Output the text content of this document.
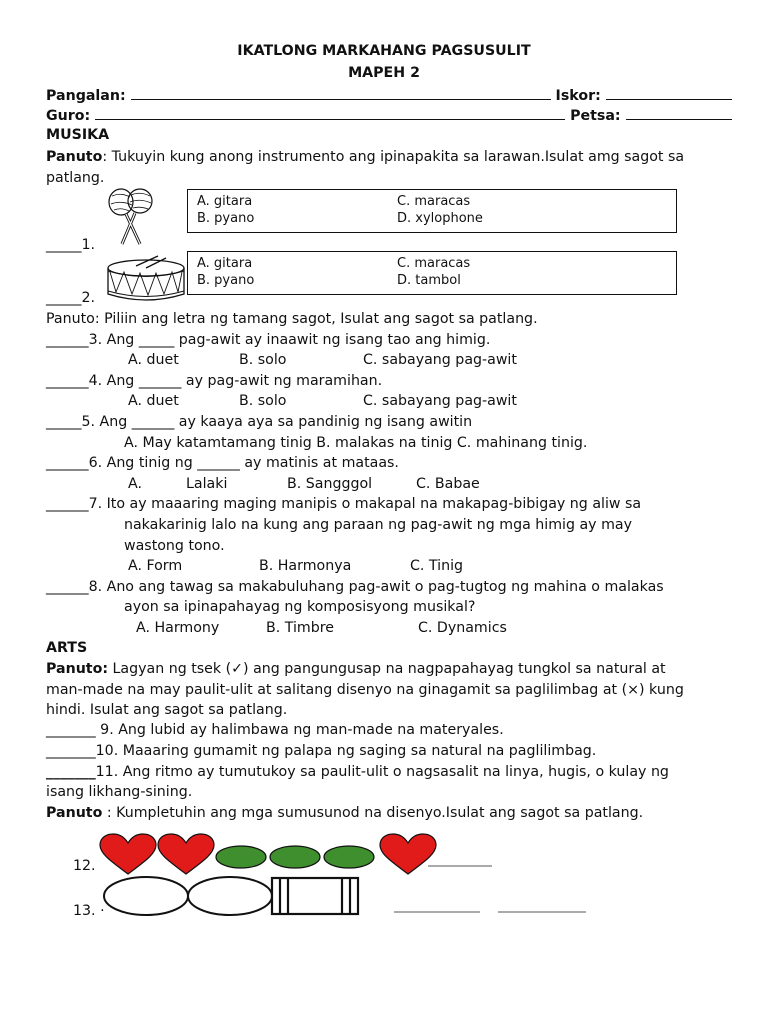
IKATLONG MARKAHANG PAGSUSULIT
MAPEH 2
Pangalan:	Iskor:
Guro:	Petsa:
MUSIKA
Panuto: Tukuyin kung anong instrumento ang ipinapakita sa larawan.Isulat amg sagot sa
patlang.
A. gitara	C. maracas
B. pyano	D. xylophone
_____1.
A. gitara	C. maracas
B. pyano	D. tambol
_____2.
Panuto: Piliin ang letra ng tamang sagot, Isulat ang sagot sa patlang.
______3. Ang _____ pag-awit ay inaawit ng isang tao ang himig.
A. duet	B. solo	C. sabayang pag-awit
______4. Ang ______ ay pag-awit ng maramihan.
A. duet	B. solo	C. sabayang pag-awit
_____5. Ang ______ ay kaaya aya sa pandinig ng isang awitin
A. May katamtamang tinig B. malakas na tinig C. mahinang tinig.
______6. Ang tinig ng ______ ay matinis at mataas.
A.	Lalaki	B. Sangggol	C. Babae
______7. Ito ay maaaring maging manipis o makapal na makapag-bibigay ng aliw sa
nakakarinig lalo na kung ang paraan ng pag-awit ng mga himig ay may
wastong tono.
A. Form	B. Harmonya	C. Tinig
______8. Ano ang tawag sa makabuluhang pag-awit o pag-tugtog ng mahina o malakas
ayon sa ipinapahayag ng komposisyong musikal?
A. Harmony	B. Timbre	C. Dynamics
ARTS
Panuto: Lagyan ng tsek (✓) ang pangungusap na nagpapahayag tungkol sa natural at
man-made na may paulit-ulit at salitang disenyo na ginagamit sa paglilimbag at (×) kung
hindi. Isulat ang sagot sa patlang.
_______ 9. Ang lubid ay halimbawa ng man-made na materyales.
_______10. Maaaring gumamit ng palapa ng saging sa natural na paglilimbag.
_______11. Ang ritmo ay tumutukoy sa paulit-ulit o nagsasalit na linya, hugis, o kulay ng
isang likhang-sining.
Panuto : Kumpletuhin ang mga sumusunod na disenyo.Isulat ang sagot sa patlang.
12.
13. ·
